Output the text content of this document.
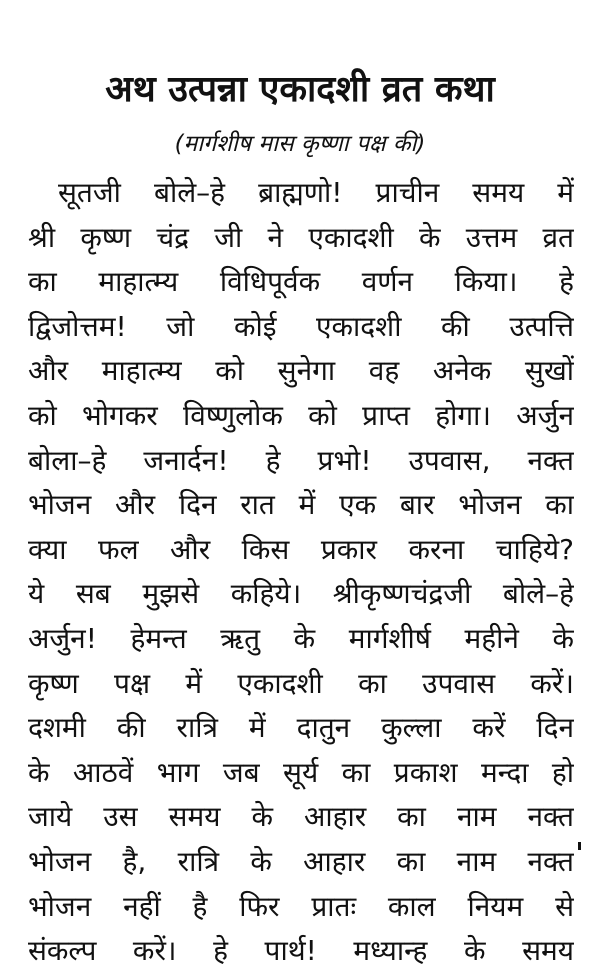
अथ उत्पन्ना एकादशी व्रत कथा
(मार्गशीष मास कृष्णा पक्ष की)
सूतजी बोले–हे ब्राह्मणो! प्राचीन समय में
श्री कृष्ण चंद्र जी ने एकादशी के उत्तम व्रत
का माहात्म्य विधिपूर्वक वर्णन किया। हे
द्विजोत्तम! जो कोई एकादशी की उत्पत्ति
और माहात्म्य को सुनेगा वह अनेक सुखों
को भोगकर विष्णुलोक को प्राप्त होगा। अर्जुन
बोला–हे जनार्दन! हे प्रभो! उपवास, नक्त
भोजन और दिन रात में एक बार भोजन का
क्या फल और किस प्रकार करना चाहिये?
ये सब मुझसे कहिये। श्रीकृष्णचंद्रजी बोले–हे
अर्जुन! हेमन्त ऋतु के मार्गशीर्ष महीने के
कृष्ण पक्ष में एकादशी का उपवास करें।
दशमी की रात्रि में दातुन कुल्ला करें दिन
के आठवें भाग जब सूर्य का प्रकाश मन्दा हो
जाये उस समय के आहार का नाम नक्त
भोजन है, रात्रि के आहार का नाम नक्त
भोजन नहीं है फिर प्रातः काल नियम से
संकल्प करें। हे पार्थ! मध्यान्ह के समय
